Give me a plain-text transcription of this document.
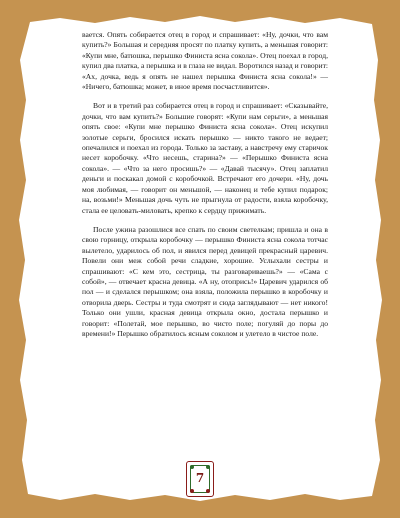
вается. Опять собирается отец в город и спрашивает: «Ну, дочки, что вам купить?» Большая и середняя просят по платку купить, а меньшая говорит: «Купи мне, батюшка, перышко Финиста ясна сокола». Отец поехал в город, купил два платка, а перышка и в глаза не видал. Воротился назад и говорит: «Ах, дочка, ведь я опять не нашел перышка Финиста ясна сокола!» — «Ничего, батюшка; может, в иное время посчастливится».

Вот и в третий раз собирается отец в город и спрашивает: «Сказывайте, дочки, что вам купить?» Большие говорят: «Купи нам серьги», а меньшая опять свое: «Купи мне перышко Финиста ясна сокола». Отец искупил золотые серьги, бросился искать перышко — никто такого не ведает; опечалился и поехал из города. Только за заставу, а навстречу ему старичок несет коробочку. «Что несешь, старина?» — «Перышко Финиста ясна сокола». — «Что за него просишь?» — «Давай тысячу». Отец заплатил деньги и поскакал домой с коробочкой. Встречают его дочери. «Ну, дочь моя любимая, — говорит он меньшой, — наконец и тебе купил подарок; на, возьми!» Меньшая дочь чуть не прыгнула от радости, взяла коробочку, стала ее целовать-миловать, крепко к сердцу прижимать.

После ужина разошлися все спать по своим светелкам; пришла и она в свою горницу, открыла коробочку — перышко Финиста ясна сокола тотчас вылетело, ударилось об пол, и явился перед девицей прекрасный царевич. Повели они меж собой речи сладкие, хорошие. Услыхали сестры и спрашивают: «С кем это, сестрица, ты разговариваешь?» — «Сама с собой», — отвечает красна девица. «А ну, отопрись!» Царевич ударился об пол — и сделался перышком; она взяла, положила перышко в коробочку и отворила дверь. Сестры и туда смотрят и сюда заглядывают — нет никого! Только они ушли, красная девица открыла окно, достала перышко и говорит: «Полетай, мое перышко, во чисто поле; погуляй до поры до времени!» Перышко обратилось ясным соколом и улетело в чистое поле.

7
